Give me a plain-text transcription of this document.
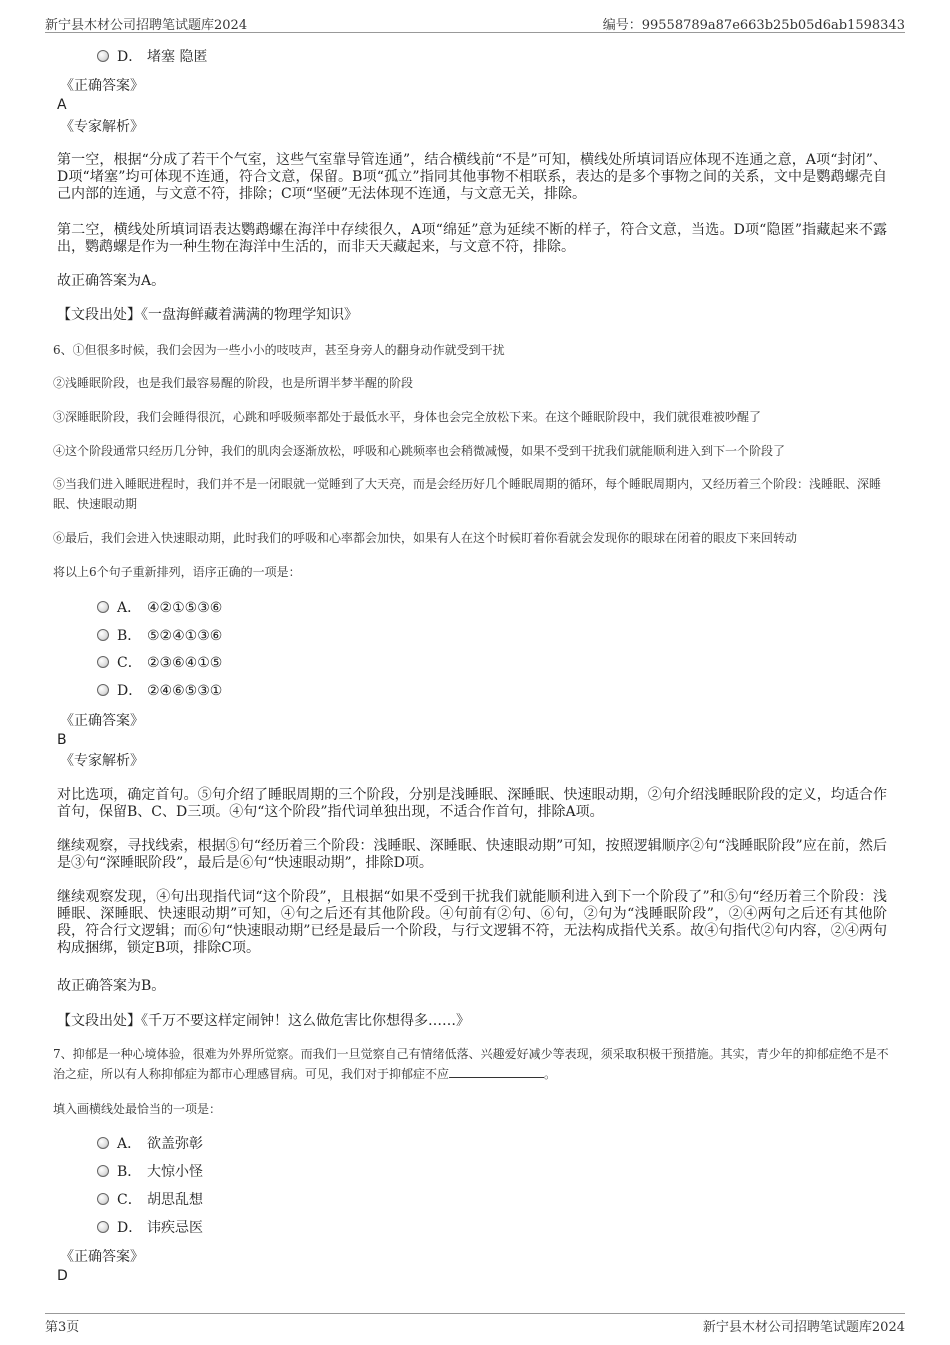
新宁县木材公司招聘笔试题库2024	编号：99558789a87e663b25b05d6ab1598343
D． 堵塞 隐匿
《正确答案》
A
《专家解析》
第一空，根据“分成了若干个气室，这些气室靠导管连通”，结合横线前“不是”可知，横线处所填词语应体现不连通之意，A项“封闭”、D项“堵塞”均可体现不连通，符合文意，保留。B项“孤立”指同其他事物不相联系，表达的是多个事物之间的关系，文中是鹦鹉螺壳自己内部的连通，与文意不符，排除；C项“坚硬”无法体现不连通，与文意无关，排除。
第二空，横线处所填词语表达鹦鹉螺在海洋中存续很久，A项“绵延”意为延续不断的样子，符合文意，当选。D项“隐匿”指藏起来不露出，鹦鹉螺是作为一种生物在海洋中生活的，而非天天藏起来，与文意不符，排除。
故正确答案为A。
【文段出处】《一盘海鲜藏着满满的物理学知识》
6、①但很多时候，我们会因为一些小小的吱吱声，甚至身旁人的翻身动作就受到干扰
②浅睡眠阶段，也是我们最容易醒的阶段，也是所谓半梦半醒的阶段
③深睡眠阶段，我们会睡得很沉，心跳和呼吸频率都处于最低水平，身体也会完全放松下来。在这个睡眠阶段中，我们就很难被吵醒了
④这个阶段通常只经历几分钟，我们的肌肉会逐渐放松，呼吸和心跳频率也会稍微减慢，如果不受到干扰我们就能顺利进入到下一个阶段了
⑤当我们进入睡眠进程时，我们并不是一闭眼就一觉睡到了大天亮，而是会经历好几个睡眠周期的循环，每个睡眠周期内，又经历着三个阶段：浅睡眠、深睡眠、快速眼动期
⑥最后，我们会进入快速眼动期，此时我们的呼吸和心率都会加快，如果有人在这个时候盯着你看就会发现你的眼球在闭着的眼皮下来回转动
将以上6个句子重新排列，语序正确的一项是：
A． ④②①⑤③⑥
B． ⑤②④①③⑥
C． ②③⑥④①⑤
D． ②④⑥⑤③①
《正确答案》
B
《专家解析》
对比选项，确定首句。⑤句介绍了睡眠周期的三个阶段，分别是浅睡眠、深睡眠、快速眼动期，②句介绍浅睡眠阶段的定义，均适合作首句，保留B、C、D三项。④句“这个阶段”指代词单独出现，不适合作首句，排除A项。
继续观察，寻找线索，根据⑤句“经历着三个阶段：浅睡眠、深睡眠、快速眼动期”可知，按照逻辑顺序②句“浅睡眠阶段”应在前，然后是③句“深睡眠阶段”，最后是⑥句“快速眼动期”，排除D项。
继续观察发现，④句出现指代词“这个阶段”，且根据“如果不受到干扰我们就能顺利进入到下一个阶段了”和⑤句“经历着三个阶段：浅睡眠、深睡眠、快速眼动期”可知，④句之后还有其他阶段。④句前有②句、⑥句，②句为“浅睡眠阶段”，②④两句之后还有其他阶段，符合行文逻辑；而⑥句“快速眼动期”已经是最后一个阶段，与行文逻辑不符，无法构成指代关系。故④句指代②句内容，②④两句构成捆绑，锁定B项，排除C项。
故正确答案为B。
【文段出处】《千万不要这样定闹钟！这么做危害比你想得多……》
7、抑郁是一种心境体验，很难为外界所觉察。而我们一旦觉察自己有情绪低落、兴趣爱好减少等表现，须采取积极干预措施。其实，青少年的抑郁症绝不是不治之症，所以有人称抑郁症为都市心理感冒病。可见，我们对于抑郁症不应	。
填入画横线处最恰当的一项是：
A． 欲盖弥彰
B． 大惊小怪
C． 胡思乱想
D． 讳疾忌医
《正确答案》
D
第3页	新宁县木材公司招聘笔试题库2024
